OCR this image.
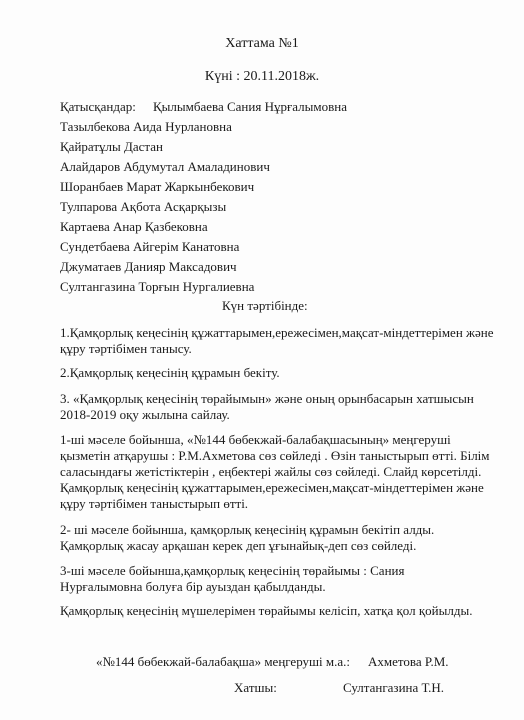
Хаттама №1
Күні : 20.11.2018ж.
Қатысқандар: Қылымбаева Сания Нұрғалымовна
Тазылбекова Аида Нурлановна
Қайратұлы Дастан
Алайдаров Абдумутал Амаладинович
Шоранбаев Марат Жаркынбекович
Тулпарова Ақбота Асқарқызы
Картаева Анар Қазбековна
Сундетбаева Айгерім Канатовна
Джуматаев Данияр Максадович
Султангазина Торғын Нургалиевна
Күн тәртібінде:
1.Қамқорлық кеңесінің құжаттарымен,ережесімен,мақсат-міндеттерімен және
құру тәртібімен танысу.
2.Қамқорлық кеңесінің құрамын бекіту.
3. «Қамқорлық кеңесінің төрайымын» және оның орынбасарын хатшысын
2018-2019 оқу жылына сайлау.
1-ші мәселе бойынша, «№144 бөбекжай-балабақшасының» меңгеруші
қызметін атқарушы : Р.М.Ахметова сөз сөйледі . Өзін таныстырып өтті. Білім
саласындағы жетістіктерін , еңбектері жайлы сөз сөйледі. Слайд көрсетілді.
Қамқорлық кеңесінің құжаттарымен,ережесімен,мақсат-міндеттерімен және
құру тәртібімен таныстырып өтті.
2- ші мәселе бойынша, қамқорлық кеңесінің құрамын бекітіп алды.
Қамқорлық жасау арқашан керек деп ұғынайық-деп сөз сөйледі.
3-ші мәселе бойынша,қамқорлық кеңесінің төрайымы : Сания
Нурғалымовна болуға бір ауыздан қабылданды.
Қамқорлық кеңесінің мүшелерімен төрайымы келісіп, хатқа қол қойылды.
«№144 бөбекжай-балабақша» меңгеруші м.а.: Ахметова Р.М.
Хатшы:	Султангазина Т.Н.
